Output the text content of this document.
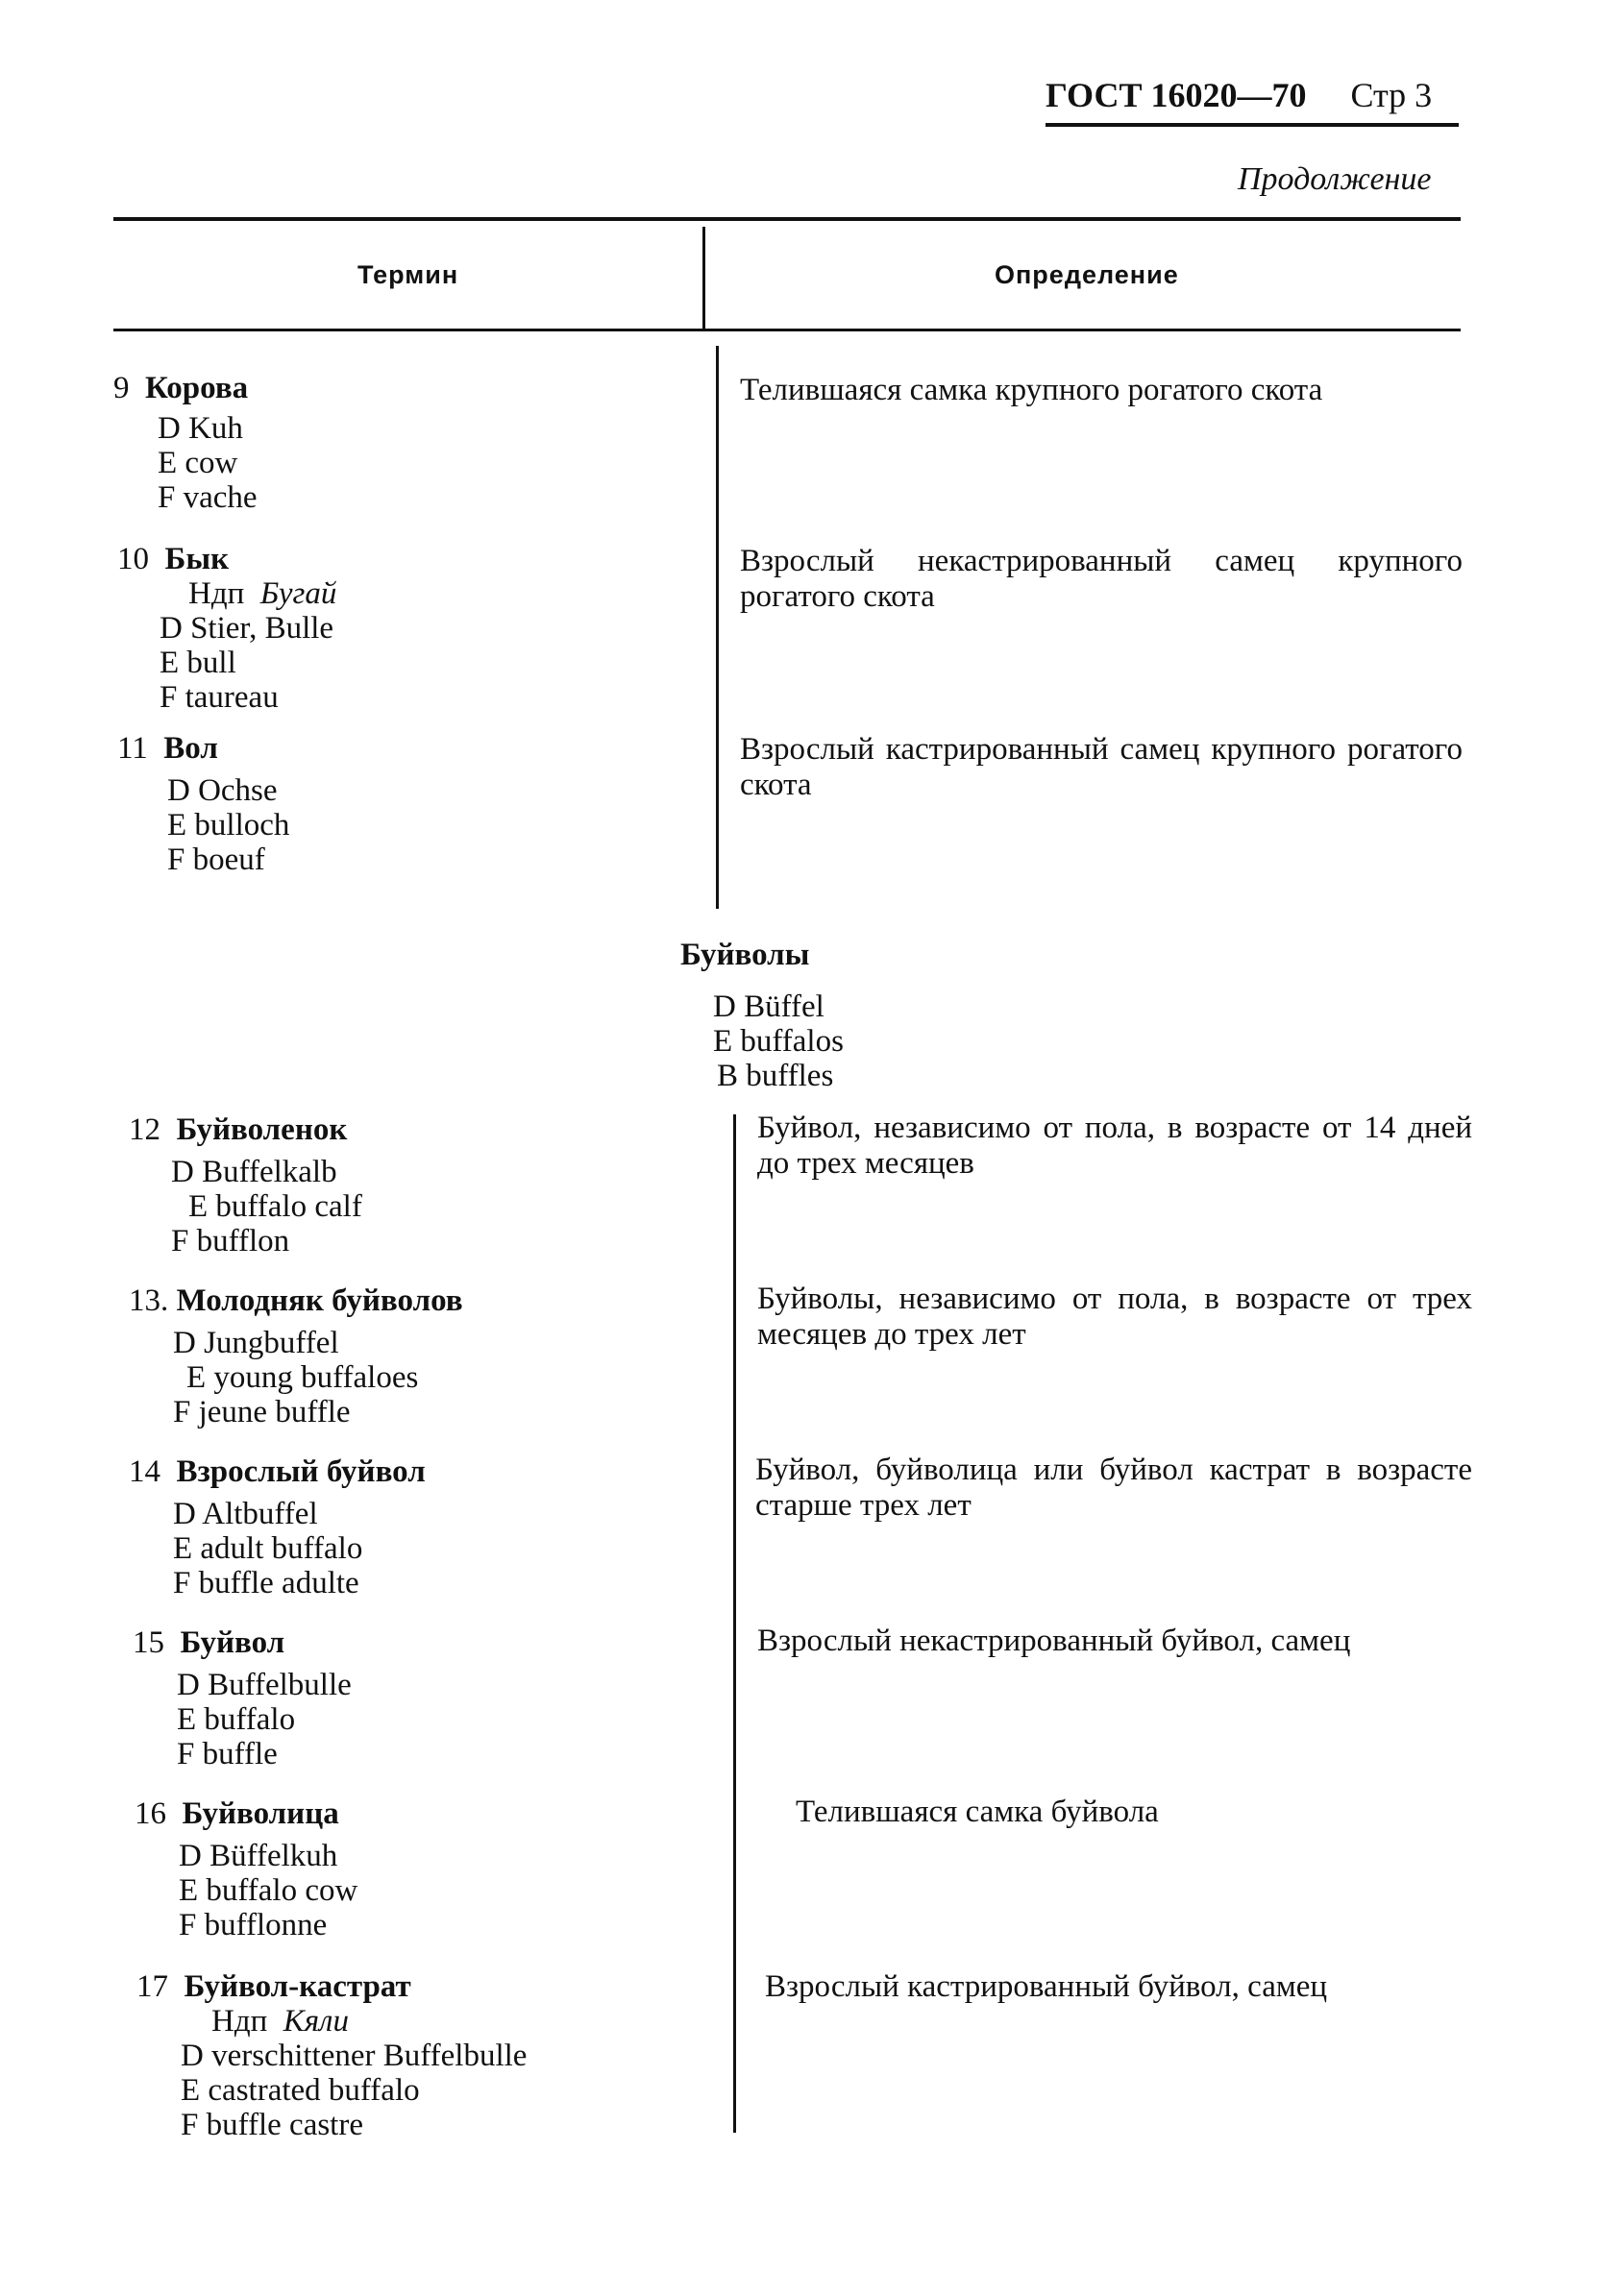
ГОСТ 16020—70 Стр 3
Продолжение
Термин	Определение
9 Корова
D Kuh
E cow
F vache
Телившаяся самка крупного рогатого скота
10 Бык
Ндп Бугай
D Stier, Bulle
E bull
F taureau
Взрослый некастрированный самец крупного рогатого скота
11 Вол
D Ochse
E bulloch
F boeuf
Взрослый кастрированный самец крупного рогатого скота
Буйволы
D Büffel
E buffalos
B buffles
12 Буйволенок
D Buffelkalb
E buffalo calf
F bufflon
Буйвол, независимо от пола, в возрасте от 14 дней до трех месяцев
13. Молодняк буйволов
D Jungbuffel
E young buffaloes
F jeune buffle
Буйволы, независимо от пола, в возрасте от трех месяцев до трех лет
14 Взрослый буйвол
D Altbuffel
E adult buffalo
F buffle adulte
Буйвол, буйволица или буйвол кастрат в возрасте старше трех лет
15 Буйвол
D Buffelbulle
E buffalo
F buffle
Взрослый некастрированный буйвол, самец
16 Буйволица
D Büffelkuh
E buffalo cow
F bufflonne
Телившаяся самка буйвола
17 Буйвол-кастрат
Ндп Кяли
D verschittener Buffelbulle
E castrated buffalo
F buffle castre
Взрослый кастрированный буйвол, самец
